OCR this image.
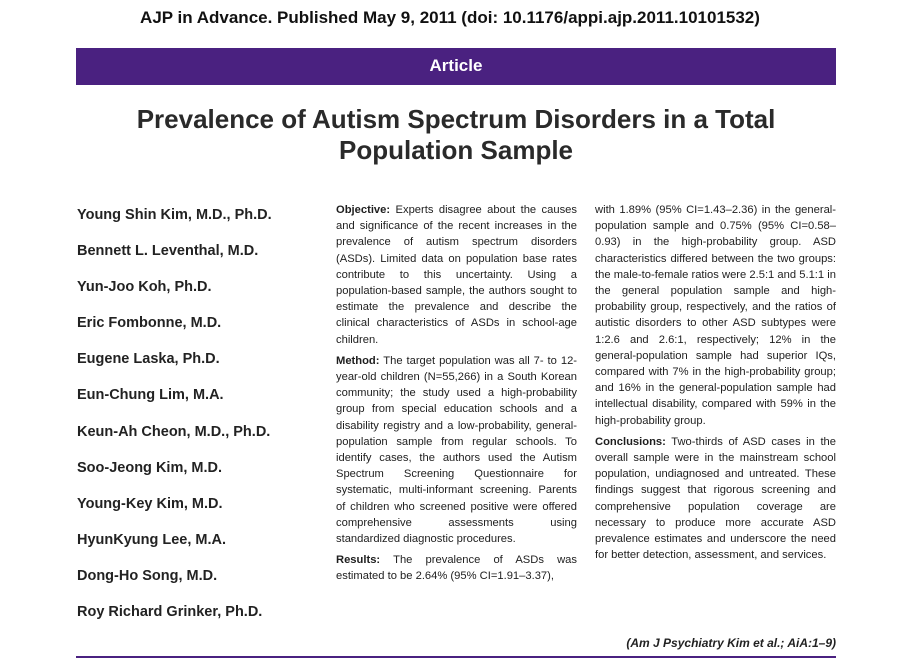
AJP in Advance. Published May 9, 2011 (doi: 10.1176/appi.ajp.2011.10101532)
Article
Prevalence of Autism Spectrum Disorders in a Total
Population Sample
Young Shin Kim, M.D., Ph.D.
Bennett L. Leventhal, M.D.
Yun-Joo Koh, Ph.D.
Eric Fombonne, M.D.
Eugene Laska, Ph.D.
Eun-Chung Lim, M.A.
Keun-Ah Cheon, M.D., Ph.D.
Soo-Jeong Kim, M.D.
Young-Key Kim, M.D.
HyunKyung Lee, M.A.
Dong-Ho Song, M.D.
Roy Richard Grinker, Ph.D.

Objective: Experts disagree about the causes and significance of the recent increases in the prevalence of autism spectrum disorders (ASDs). Limited data on population base rates contribute to this uncertainty. Using a population-based sample, the authors sought to estimate the prevalence and describe the clinical characteristics of ASDs in school-age children.

Method: The target population was all 7- to 12-year-old children (N=55,266) in a South Korean community; the study used a high-probability group from special education schools and a disability registry and a low-probability, general-population sample from regular schools. To identify cases, the authors used the Autism Spectrum Screening Questionnaire for systematic, multi-informant screening. Parents of children who screened positive were offered comprehensive assessments using standardized diagnostic procedures.

Results: The prevalence of ASDs was estimated to be 2.64% (95% CI=1.91–3.37),

with 1.89% (95% CI=1.43–2.36) in the general-population sample and 0.75% (95% CI=0.58–0.93) in the high-probability group. ASD characteristics differed between the two groups: the male-to-female ratios were 2.5:1 and 5.1:1 in the general population sample and high-probability group, respectively, and the ratios of autistic disorders to other ASD subtypes were 1:2.6 and 2.6:1, respectively; 12% in the general-population sample had superior IQs, compared with 7% in the high-probability group; and 16% in the general-population sample had intellectual disability, compared with 59% in the high-probability group.

Conclusions: Two-thirds of ASD cases in the overall sample were in the mainstream school population, undiagnosed and untreated. These findings suggest that rigorous screening and comprehensive population coverage are necessary to produce more accurate ASD prevalence estimates and underscore the need for better detection, assessment, and services.

(Am J Psychiatry Kim et al.; AiA:1–9)
